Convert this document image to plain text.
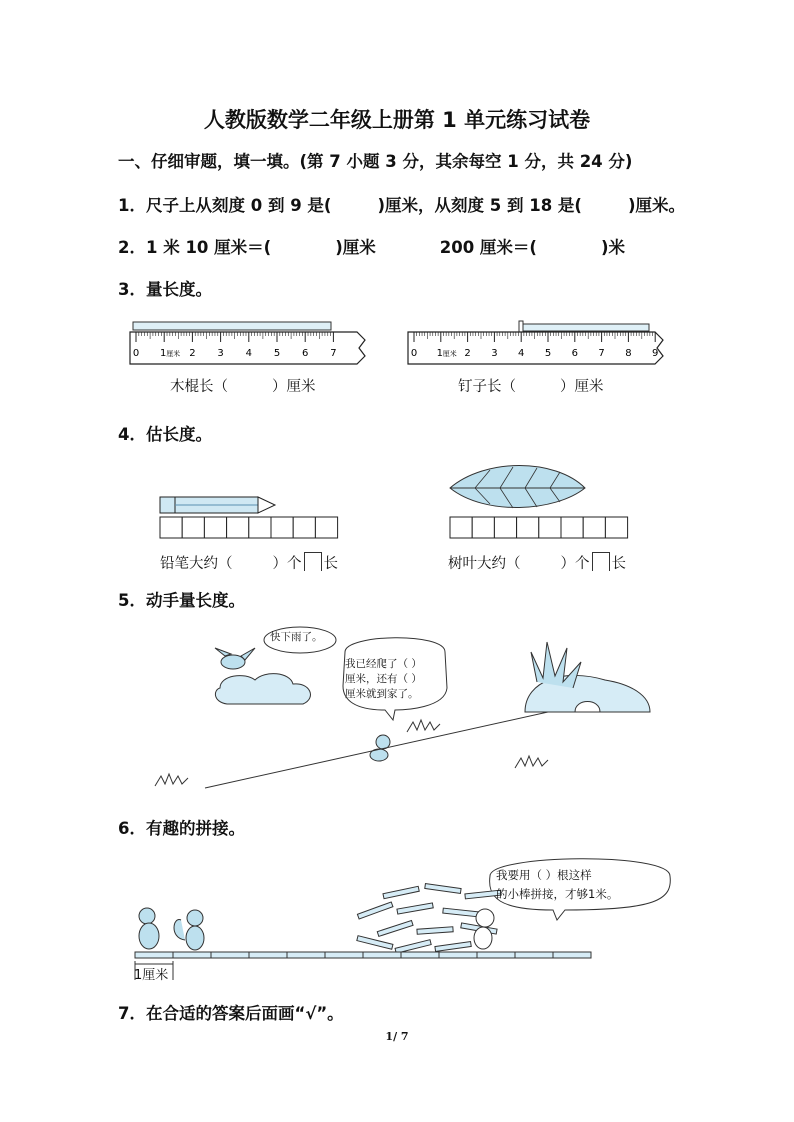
人教版数学二年级上册第 1 单元练习试卷
一、仔细审题，填一填。(第 7 小题 3 分，其余每空 1 分，共 24 分)
1．尺子上从刻度 0 到 9 是(	)厘米，从刻度 5 到 18 是(	)厘米。
2．1 米 10 厘米＝(	)厘米	200 厘米＝(	)米
3．量长度。
0 1 厘米 2 3 4 5 6 7	0 1 厘米 2 3 4 5 6 7 8 9
木棍长（	）厘米	钉子长（	）厘米
4．估长度。
铅笔大约（	）个 长	树叶大约（	）个 长
5．动手量长度。
快下雨了。
我已经爬了（ ）
厘米，还有（ ）
厘米就到家了。
6．有趣的拼接。
我要用（ ）根这样
的小棒拼接，才够1米。
1厘米
7．在合适的答案后面画“√”。
1/ 7
